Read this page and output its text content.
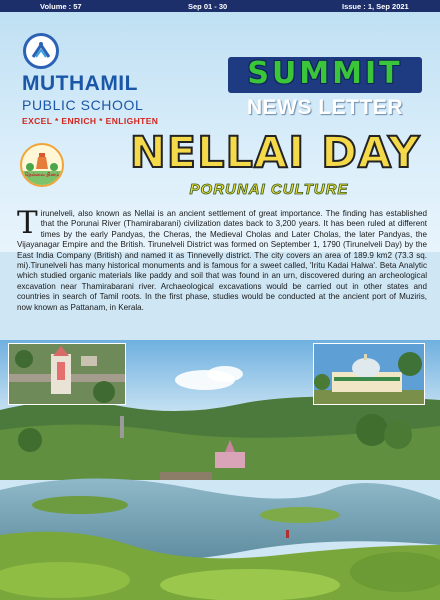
Volume : 57	Sep 01 - 30	Issue : 1, Sep 2021
MUTHAMIL
PUBLIC SCHOOL
EXCEL * ENRICH * ENLIGHTEN
SUMMIT
NEWS LETTER
நெல்லை தினம் NELLAI DAY
PORUNAI CULTURE
Tirunelveli, also known as Nellai is an ancient settlement of great importance. The finding has established that the Porunai River (Thamirabarani) civilization dates back to 3,200 years. It has been ruled at different times by the early Pandyas, the Cheras, the Medieval Cholas and Later Cholas, the later Pandyas, the Vijayanagar Empire and the British. Tirunelveli District was formed on September 1, 1790 (Tirunelveli Day) by the East India Company (British) and named it as Tinnevelly district. The city covers an area of 189.9 km2 (73.3 sq. mi).Tirunelveli has many historical monuments and is famous for a sweet called, 'Iritu Kadai Halwa'. Beta Analytic which studied organic materials like paddy and soil that was found in an urn, discovered during an archeological excavation near Thamirabarani river. Archaeological excavations would be carried out in other states and countries in search of Tamil roots. In the first phase, studies would be conducted at the ancient port of Muziris, now known as Pattanam, in Kerala.
